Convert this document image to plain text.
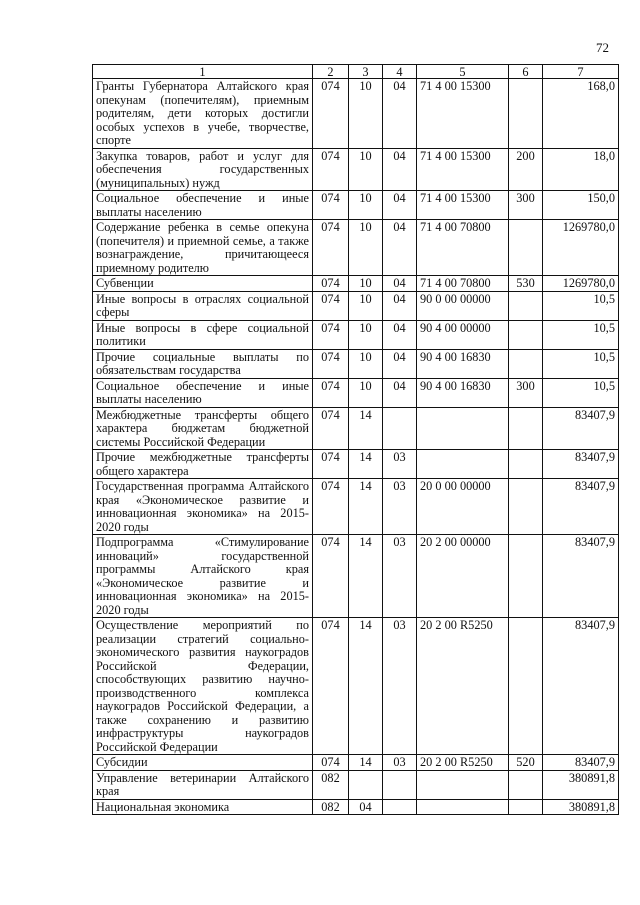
72
1	2	3	4	5	6	7
Гранты Губернатора Алтайского края опекунам (попечителям), приемным родителям, дети которых достигли особых успехов в учебе, творчестве, спорте	074	10	04	71 4 00 15300		168,0
Закупка товаров, работ и услуг для обеспечения государственных (муниципальных) нужд	074	10	04	71 4 00 15300	200	18,0
Социальное обеспечение и иные выплаты населению	074	10	04	71 4 00 15300	300	150,0
Содержание ребенка в семье опекуна (попечителя) и приемной семье, а также вознаграждение, причитающееся приемному родителю	074	10	04	71 4 00 70800		1269780,0
Субвенции	074	10	04	71 4 00 70800	530	1269780,0
Иные вопросы в отраслях социальной сферы	074	10	04	90 0 00 00000		10,5
Иные вопросы в сфере социальной политики	074	10	04	90 4 00 00000		10,5
Прочие социальные выплаты по обязательствам государства	074	10	04	90 4 00 16830		10,5
Социальное обеспечение и иные выплаты населению	074	10	04	90 4 00 16830	300	10,5
Межбюджетные трансферты общего характера бюджетам бюджетной системы Российской Федерации	074	14				83407,9
Прочие межбюджетные трансферты общего характера	074	14	03			83407,9
Государственная программа Алтайского края «Экономическое развитие и инновационная экономика» на 2015-2020 годы	074	14	03	20 0 00 00000		83407,9
Подпрограмма «Стимулирование инноваций» государственной программы Алтайского края «Экономическое развитие и инновационная экономика» на 2015-2020 годы	074	14	03	20 2 00 00000		83407,9
Осуществление мероприятий по реализации стратегий социально-экономического развития наукоградов Российской Федерации, способствующих развитию научно-производственного комплекса наукоградов Российской Федерации, а также сохранению и развитию инфраструктуры наукоградов Российской Федерации	074	14	03	20 2 00 R5250		83407,9
Субсидии	074	14	03	20 2 00 R5250	520	83407,9
Управление ветеринарии Алтайского края	082					380891,8
Национальная экономика	082	04				380891,8
